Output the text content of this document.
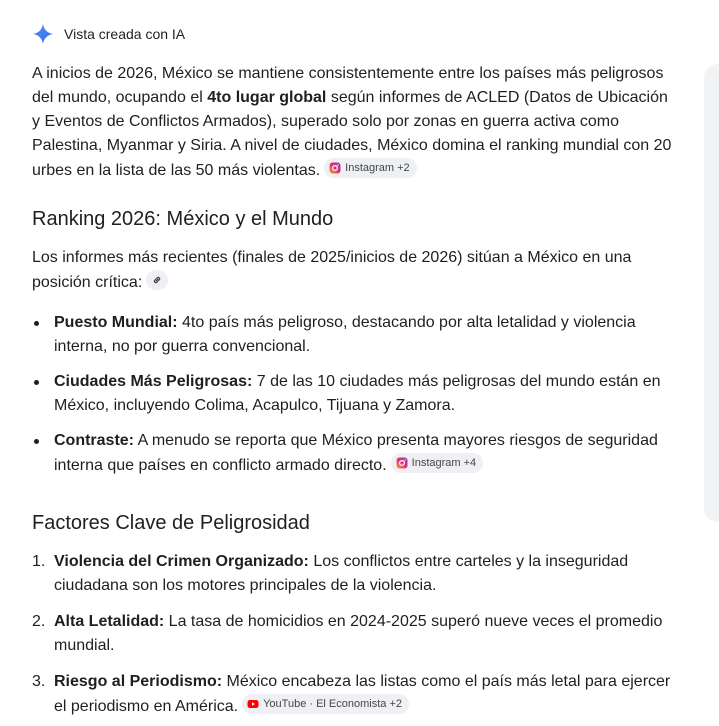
Vista creada con IA

A inicios de 2026, México se mantiene consistentemente entre los países más peligrosos del mundo, ocupando el 4to lugar global según informes de ACLED (Datos de Ubicación y Eventos de Conflictos Armados), superado solo por zonas en guerra activa como Palestina, Myanmar y Siria. A nivel de ciudades, México domina el ranking mundial con 20 urbes en la lista de las 50 más violentas. Instagram +2

Ranking 2026: México y el Mundo

Los informes más recientes (finales de 2025/inicios de 2026) sitúan a México en una posición crítica:

Puesto Mundial: 4to país más peligroso, destacando por alta letalidad y violencia interna, no por guerra convencional.
Ciudades Más Peligrosas: 7 de las 10 ciudades más peligrosas del mundo están en México, incluyendo Colima, Acapulco, Tijuana y Zamora.
Contraste: A menudo se reporta que México presenta mayores riesgos de seguridad interna que países en conflicto armado directo. Instagram +4
Factores Clave de Peligrosidad
1. Violencia del Crimen Organizado: Los conflictos entre carteles y la inseguridad ciudadana son los motores principales de la violencia.
2. Alta Letalidad: La tasa de homicidios en 2024-2025 superó nueve veces el promedio mundial.
3. Riesgo al Periodismo: México encabeza las listas como el país más letal para ejercer el periodismo en América. YouTube · El Economista +2
